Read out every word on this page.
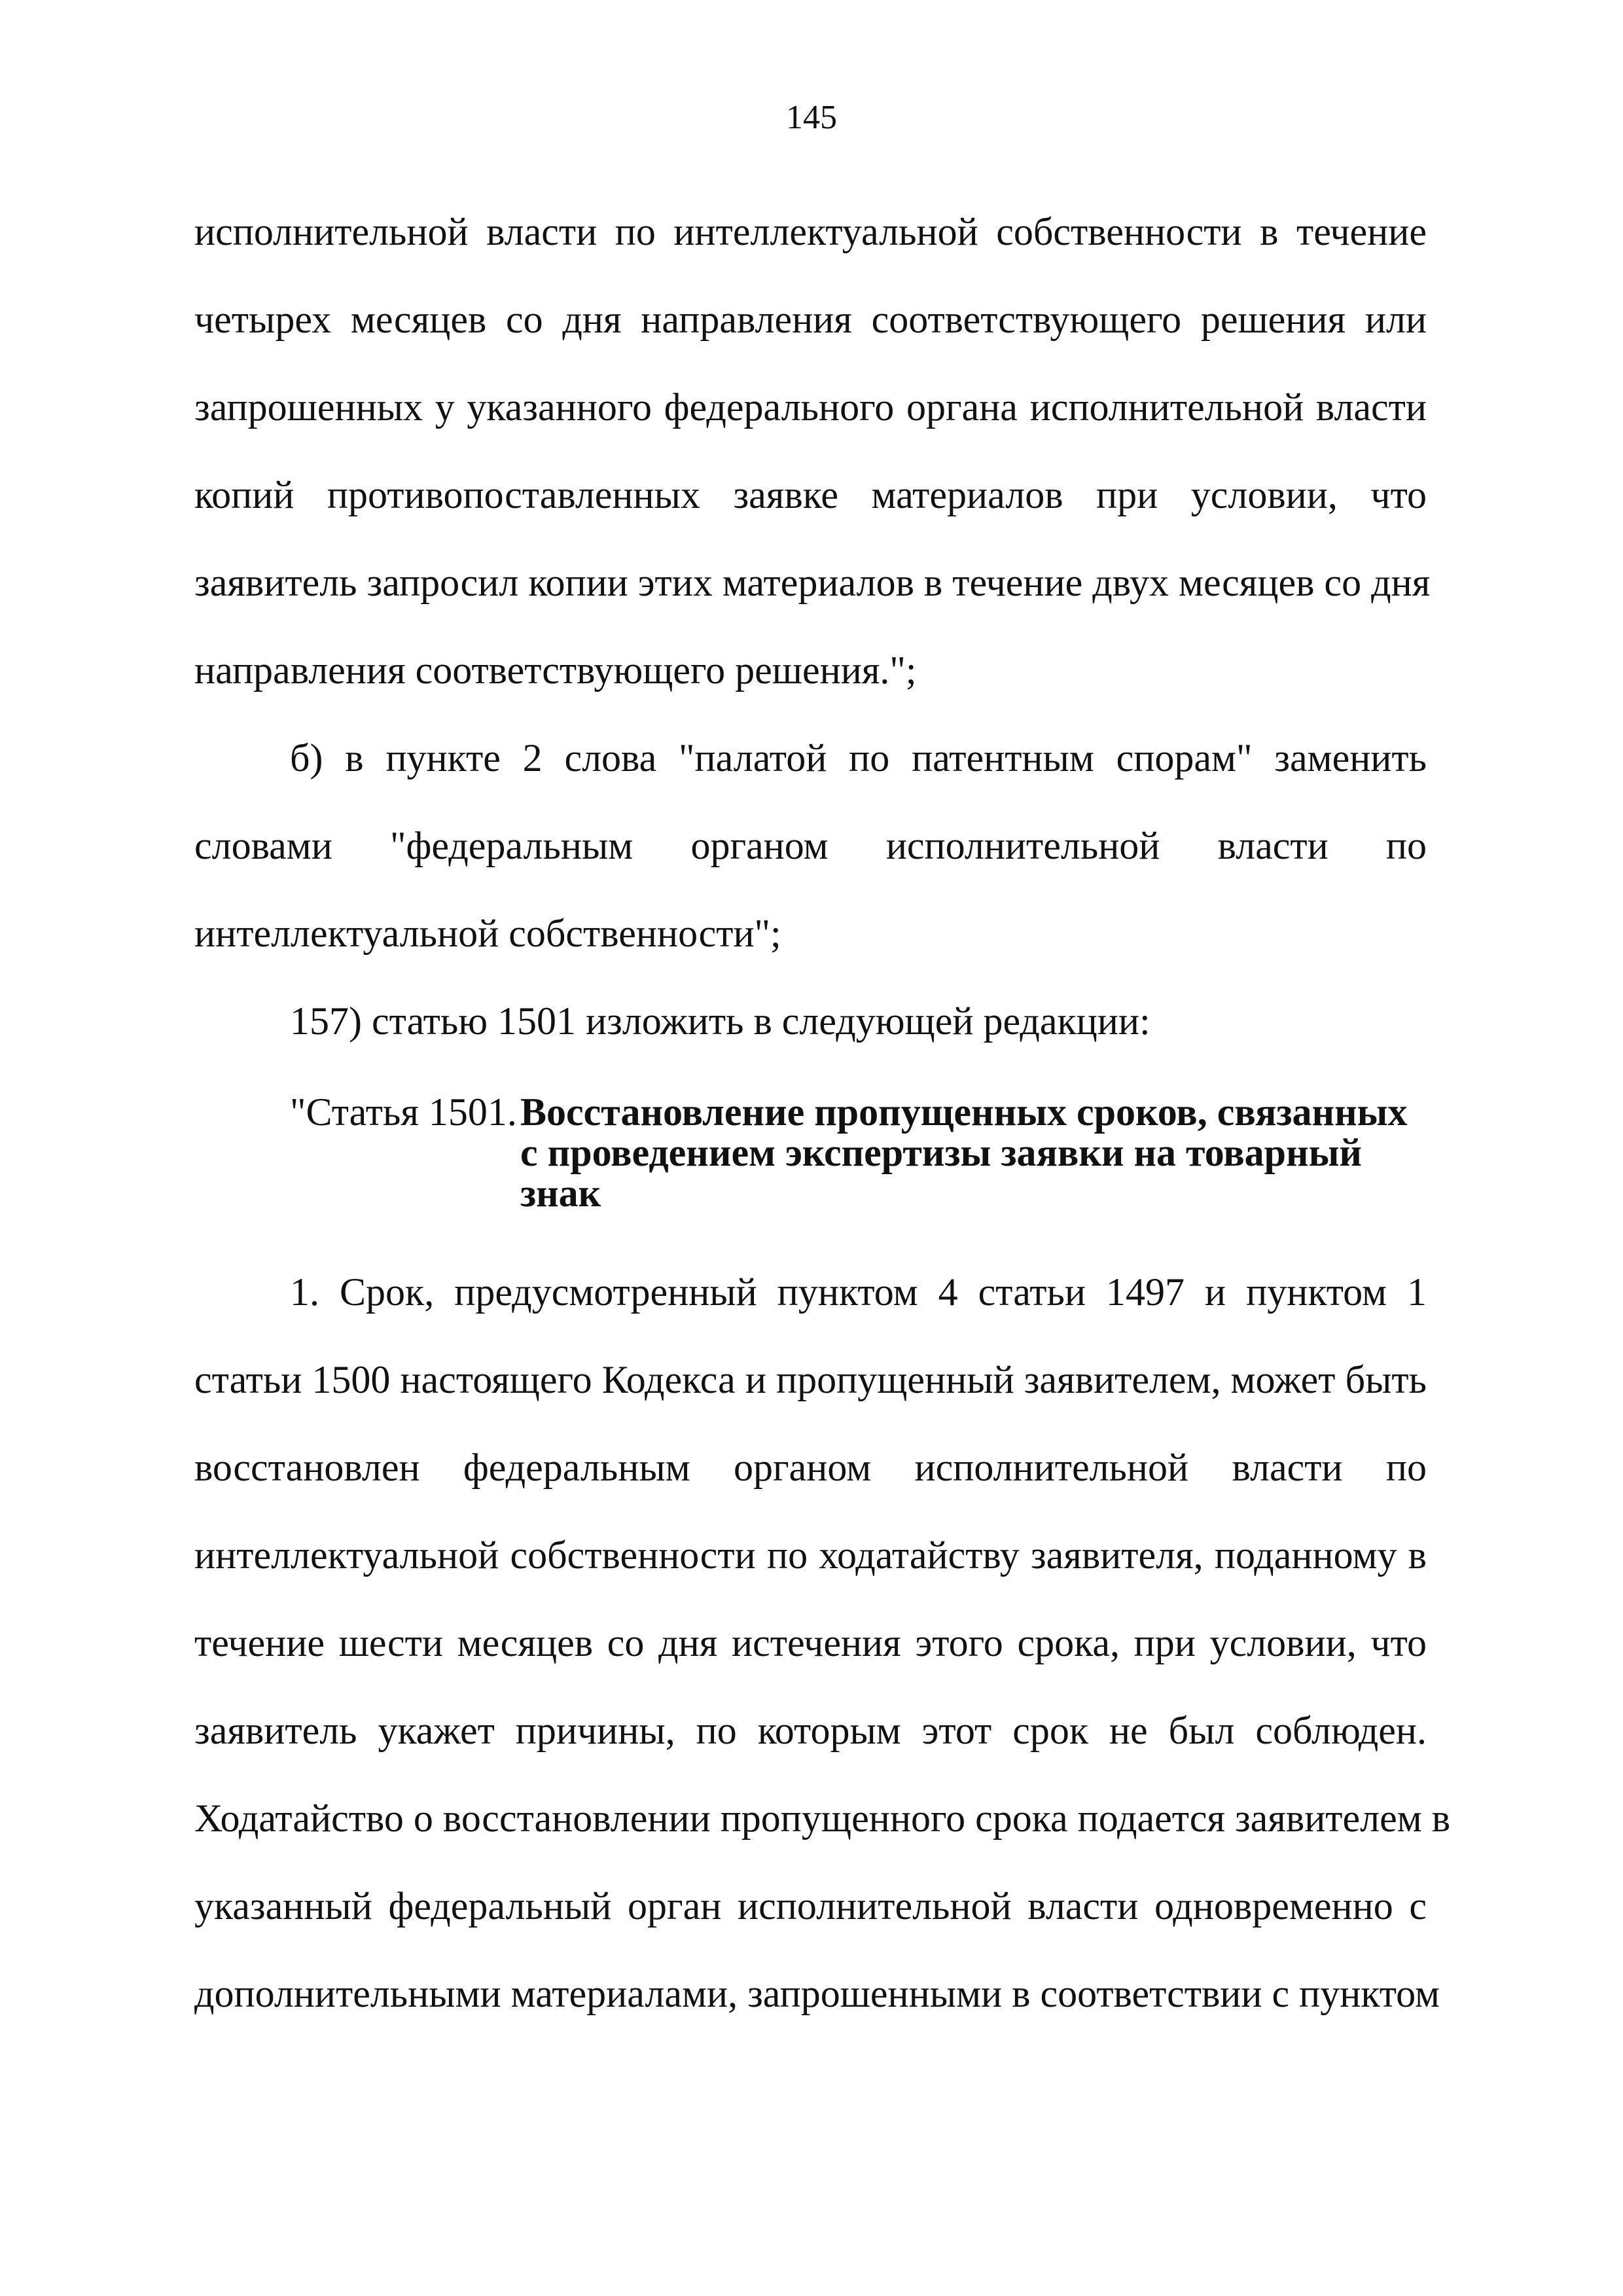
145
исполнительной власти по интеллектуальной собственности в течение
четырех месяцев со дня направления соответствующего решения или
запрошенных у указанного федерального органа исполнительной власти
копий противопоставленных заявке материалов при условии, что
заявитель запросил копии этих материалов в течение двух месяцев со дня
направления соответствующего решения.";
б) в пункте 2 слова "палатой по патентным спорам" заменить
словами "федеральным органом исполнительной власти по
интеллектуальной собственности";
157) статью 1501 изложить в следующей редакции:
"Статья 1501. Восстановление пропущенных сроков, связанных
с проведением экспертизы заявки на товарный
знак
1. Срок, предусмотренный пунктом 4 статьи 1497 и пунктом 1
статьи 1500 настоящего Кодекса и пропущенный заявителем, может быть
восстановлен федеральным органом исполнительной власти по
интеллектуальной собственности по ходатайству заявителя, поданному в
течение шести месяцев со дня истечения этого срока, при условии, что
заявитель укажет причины, по которым этот срок не был соблюден.
Ходатайство о восстановлении пропущенного срока подается заявителем в
указанный федеральный орган исполнительной власти одновременно с
дополнительными материалами, запрошенными в соответствии с пунктом
